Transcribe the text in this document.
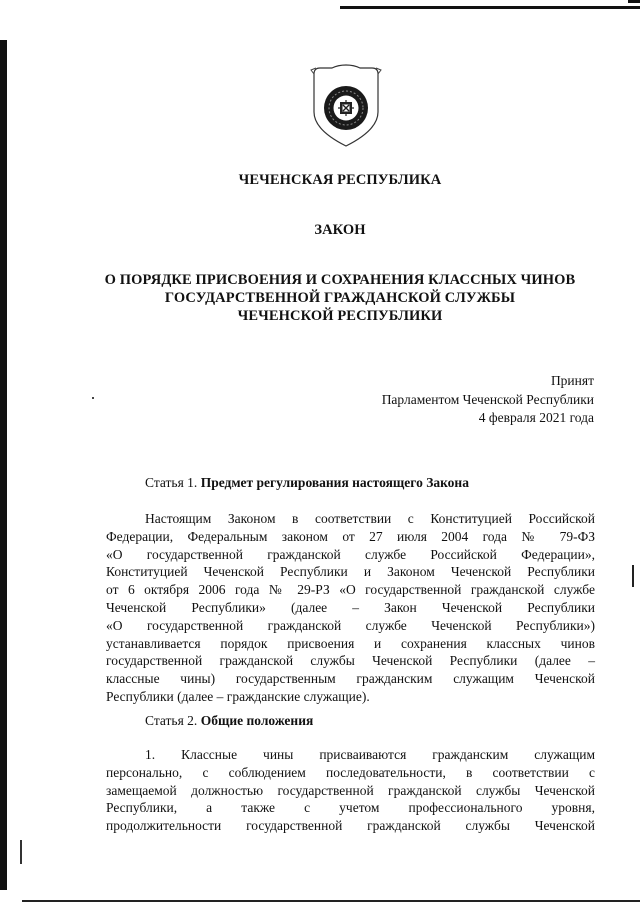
ЧЕЧЕНСКАЯ РЕСПУБЛИКА
ЗАКОН
О ПОРЯДКЕ ПРИСВОЕНИЯ И СОХРАНЕНИЯ КЛАССНЫХ ЧИНОВ
ГОСУДАРСТВЕННОЙ ГРАЖДАНСКОЙ СЛУЖБЫ
ЧЕЧЕНСКОЙ РЕСПУБЛИКИ
Принят
Парламентом Чеченской Республики
4 февраля 2021 года
Статья 1. Предмет регулирования настоящего Закона
Настоящим Законом в соответствии с Конституцией Российской
Федерации, Федеральным законом от 27 июля 2004 года № 79-ФЗ
«О государственной гражданской службе Российской Федерации»,
Конституцией Чеченской Республики и Законом Чеченской Республики
от 6 октября 2006 года № 29-РЗ «О государственной гражданской службе
Чеченской Республики» (далее – Закон Чеченской Республики
«О государственной гражданской службе Чеченской Республики»)
устанавливается порядок присвоения и сохранения классных чинов
государственной гражданской службы Чеченской Республики (далее –
классные чины) государственным гражданским служащим Чеченской
Республики (далее – гражданские служащие).
Статья 2. Общие положения
1. Классные чины присваиваются гражданским служащим
персонально, с соблюдением последовательности, в соответствии с
замещаемой должностью государственной гражданской службы Чеченской
Республики, а также с учетом профессионального уровня,
продолжительности государственной гражданской службы Чеченской
